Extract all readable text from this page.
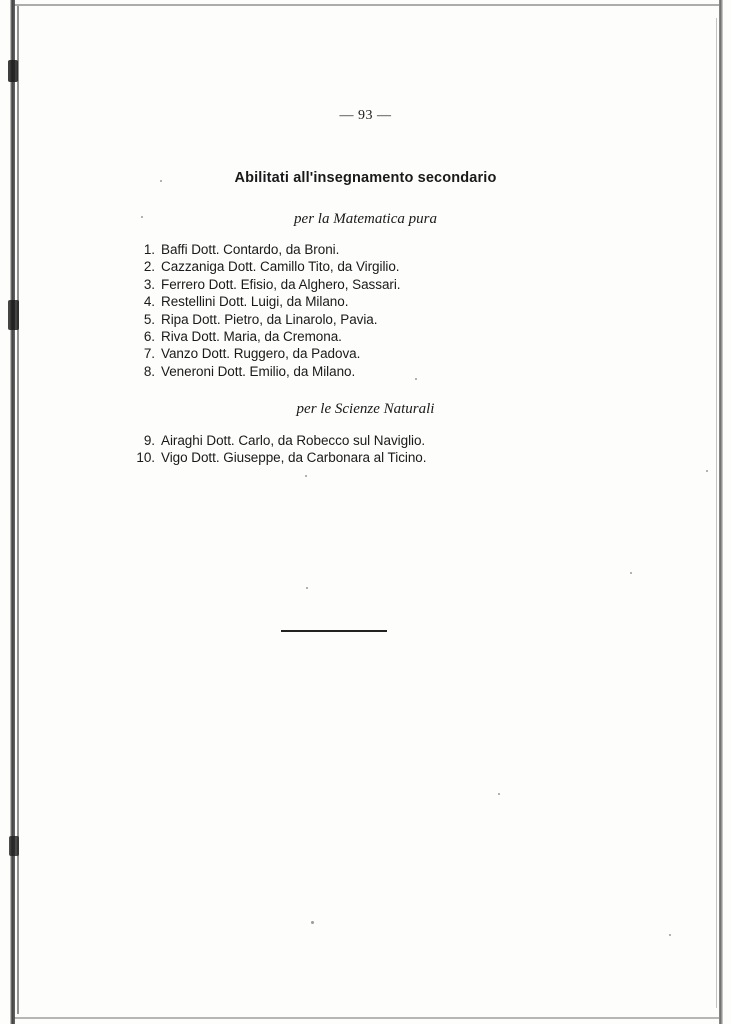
— 93 —
Abilitati all'insegnamento secondario
per la Matematica pura
1. Baffi Dott. Contardo, da Broni.
2. Cazzaniga Dott. Camillo Tito, da Virgilio.
3. Ferrero Dott. Efisio, da Alghero, Sassari.
4. Restellini Dott. Luigi, da Milano.
5. Ripa Dott. Pietro, da Linarolo, Pavia.
6. Riva Dott. Maria, da Cremona.
7. Vanzo Dott. Ruggero, da Padova.
8. Veneroni Dott. Emilio, da Milano.
per le Scienze Naturali
9. Airaghi Dott. Carlo, da Robecco sul Naviglio.
10. Vigo Dott. Giuseppe, da Carbonara al Ticino.
